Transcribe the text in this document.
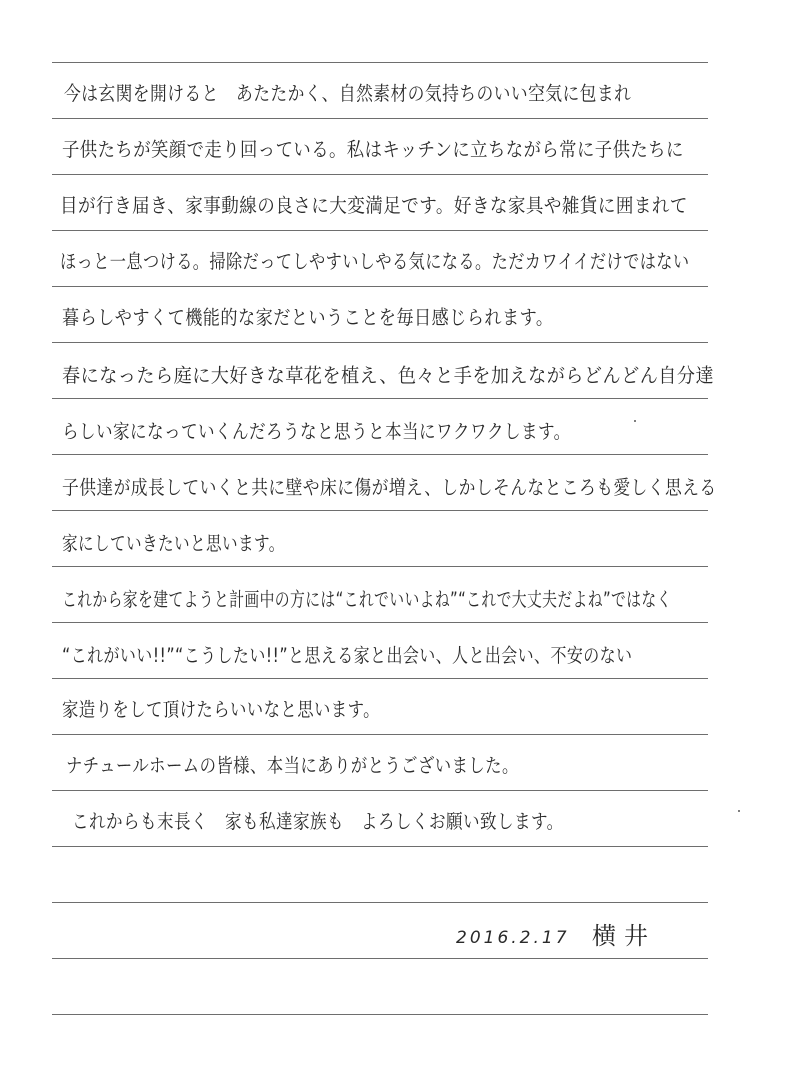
今は玄関を開けると　あたたかく、自然素材の気持ちのいい空気に包まれ
子供たちが笑顔で走り回っている。私はキッチンに立ちながら常に子供たちに
目が行き届き、家事動線の良さに大変満足です。好きな家具や雑貨に囲まれて
ほっと一息つける。掃除だってしやすいしやる気になる。ただカワイイだけではない
暮らしやすくて機能的な家だということを毎日感じられます。
春になったら庭に大好きな草花を植え、色々と手を加えながらどんどん自分達
らしい家になっていくんだろうなと思うと本当にワクワクします。
子供達が成長していくと共に壁や床に傷が増え、しかしそんなところも愛しく思える
家にしていきたいと思います。
これから家を建てようと計画中の方には“これでいいよね”“これで大丈夫だよね”ではなく
“これがいい!!”“こうしたい!!”と思える家と出会い、人と出会い、不安のない
家造りをして頂けたらいいなと思います。
ナチュールホームの皆様、本当にありがとうございました。
これからも末長く　家も私達家族も　よろしくお願い致します。
2016.2.17 横井
